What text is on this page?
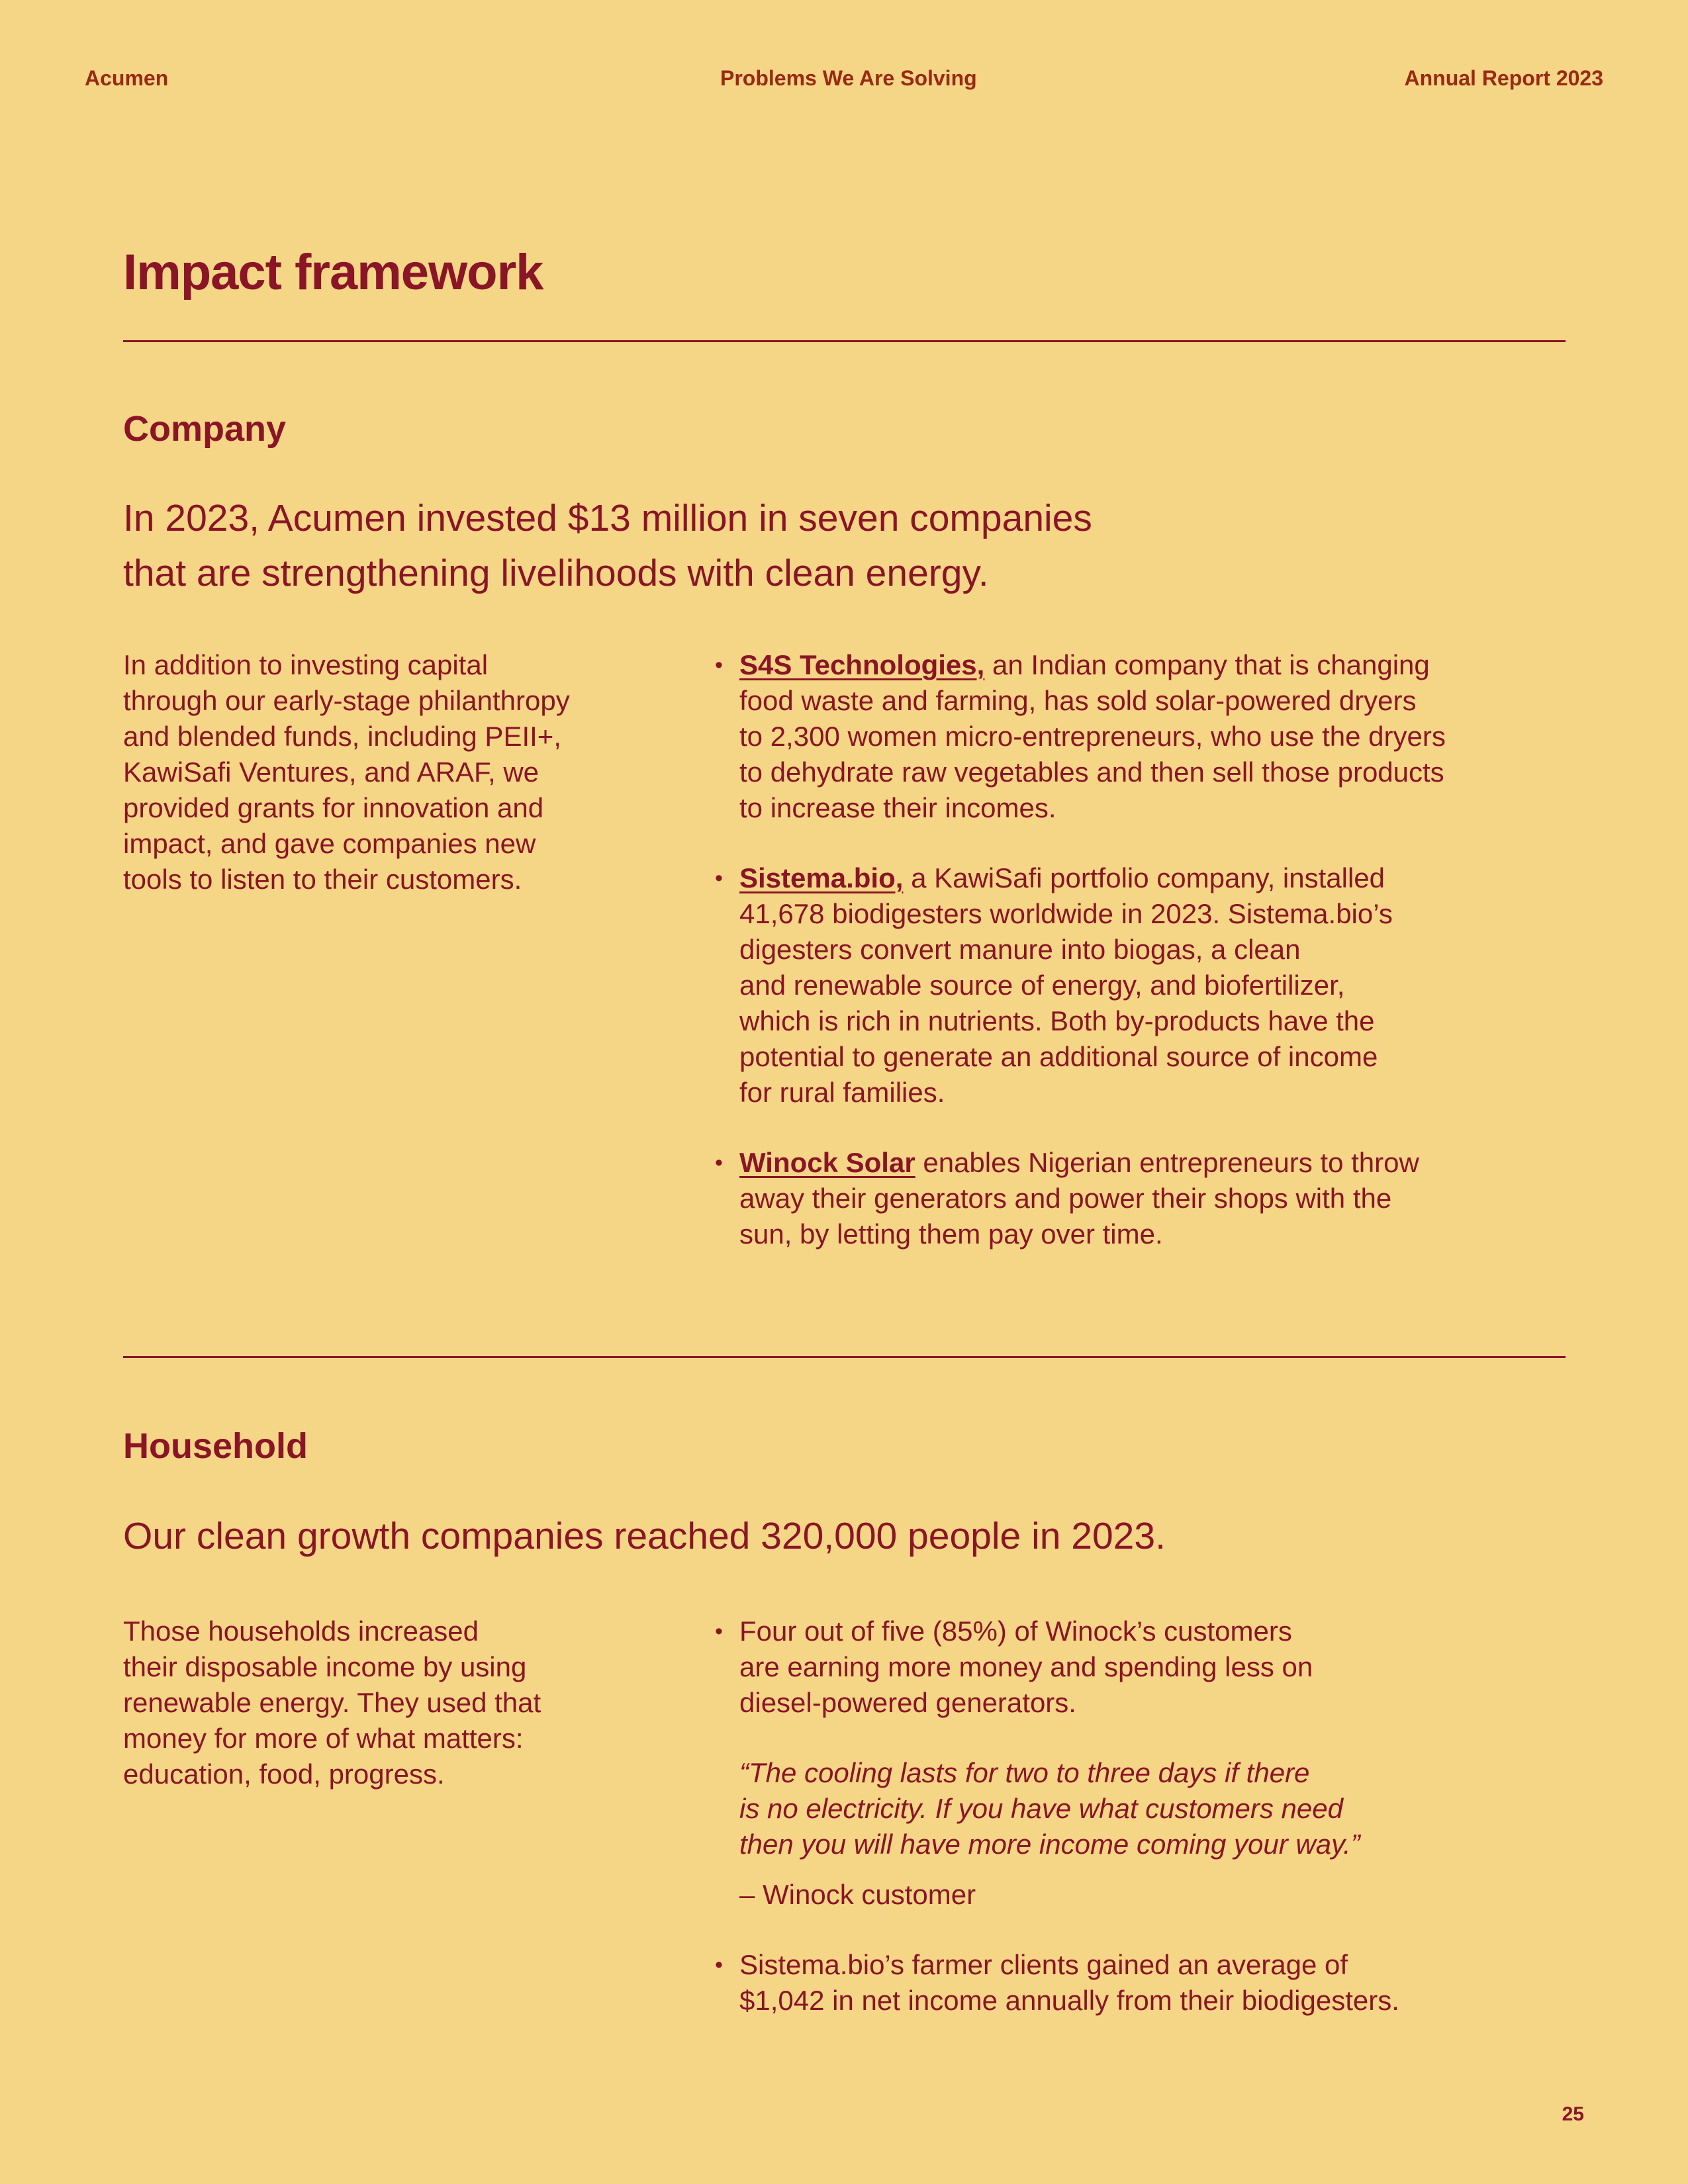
Acumen	Problems We Are Solving	Annual Report 2023
Impact framework
Company

In 2023, Acumen invested $13 million in seven companies
that are strengthening livelihoods with clean energy.

In addition to investing capital
through our early-stage philanthropy
and blended funds, including PEII+,
KawiSafi Ventures, and ARAF, we
provided grants for innovation and
impact, and gave companies new
tools to listen to their customers.

• S4S Technologies, an Indian company that is changing
food waste and farming, has sold solar-powered dryers
to 2,300 women micro-entrepreneurs, who use the dryers
to dehydrate raw vegetables and then sell those products
to increase their incomes.
• Sistema.bio, a KawiSafi portfolio company, installed
41,678 biodigesters worldwide in 2023. Sistema.bio’s
digesters convert manure into biogas, a clean
and renewable source of energy, and biofertilizer,
which is rich in nutrients. Both by-products have the
potential to generate an additional source of income
for rural families.
• Winock Solar enables Nigerian entrepreneurs to throw
away their generators and power their shops with the
sun, by letting them pay over time.
Household

Our clean growth companies reached 320,000 people in 2023.

Those households increased
their disposable income by using
renewable energy. They used that
money for more of what matters:
education, food, progress.

• Four out of five (85%) of Winock’s customers
are earning more money and spending less on
diesel-powered generators.
“The cooling lasts for two to three days if there
is no electricity. If you have what customers need
then you will have more income coming your way.”
– Winock customer
• Sistema.bio’s farmer clients gained an average of
$1,042 in net income annually from their biodigesters.
25
